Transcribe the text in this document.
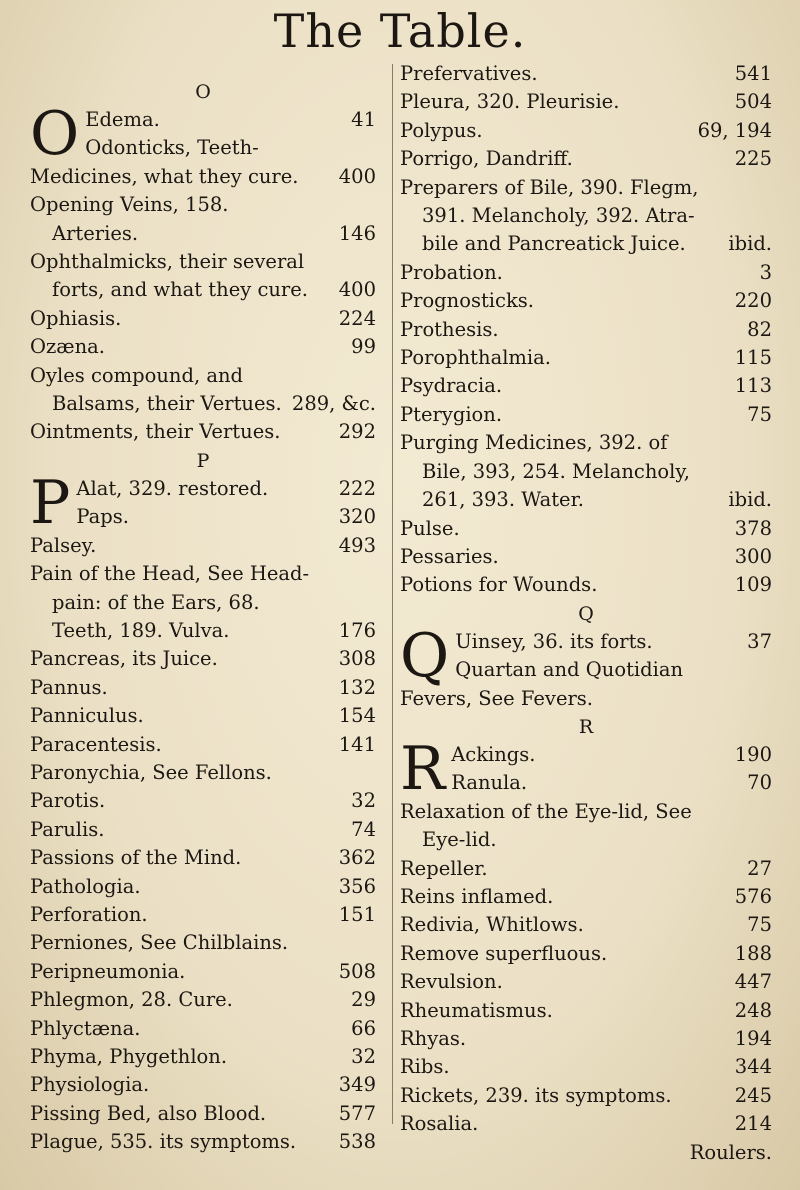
The Table.
O
O Edema.	41
Odonticks, Teeth-Medicines, what they cure.	400
Opening Veins, 158. Arteries.	146
Ophthalmicks, their several forts, and what they cure.	400
Ophiasis.	224
Ozæna.	99
Oyles compound, and Balsams, their Vertues. 289, &c.
Ointments, their Vertues.	292
P
P Alat, 329. restored.	222
Paps.	320
Palsey.	493
Pain of the Head, See Head-pain: of the Ears, 68. Teeth, 189. Vulva.	176
Pancreas, its Juice.	308
Pannus.	132
Panniculus.	154
Paracentesis.	141
Paronychia, See Fellons.
Parotis.	32
Parulis.	74
Passions of the Mind.	362
Pathologia.	356
Perforation.	151
Perniones, See Chilblains.
Peripneumonia.	508
Phlegmon, 28. Cure.	29
Phlyctæna.	66
Phyma, Phygethlon.	32
Physiologia.	349
Pissing Bed, also Blood.	577
Plague, 535. its symptoms.	538
Prefervatives.	541
Pleura, 320. Pleurisie.	504
Polypus.	69, 194
Porrigo, Dandriff.	225
Preparers of Bile, 390. Flegm, 391. Melancholy, 392. Atra-bile and Pancreatick Juice.	ibid.
Probation.	3
Prognosticks.	220
Prothesis.	82
Porophthalmia.	115
Psydracia.	113
Pterygion.	75
Purging Medicines, 392. of Bile, 393, 254. Melancholy, 261, 393. Water.	ibid.
Pulse.	378
Pessaries.	300
Potions for Wounds.	109
Q
Q Uinsey, 36. its forts.	37
Quartan and Quotidian Fevers, See Fevers.
R
R Ackings.	190
Ranula.	70
Relaxation of the Eye-lid, See Eye-lid.
Repeller.	27
Reins inflamed.	576
Redivia, Whitlows.	75
Remove superfluous.	188
Revulsion.	447
Rheumatismus.	248
Rhyas.	194
Ribs.	344
Rickets, 239. its symptoms.	245
Rosalia.	214
Roulers.
